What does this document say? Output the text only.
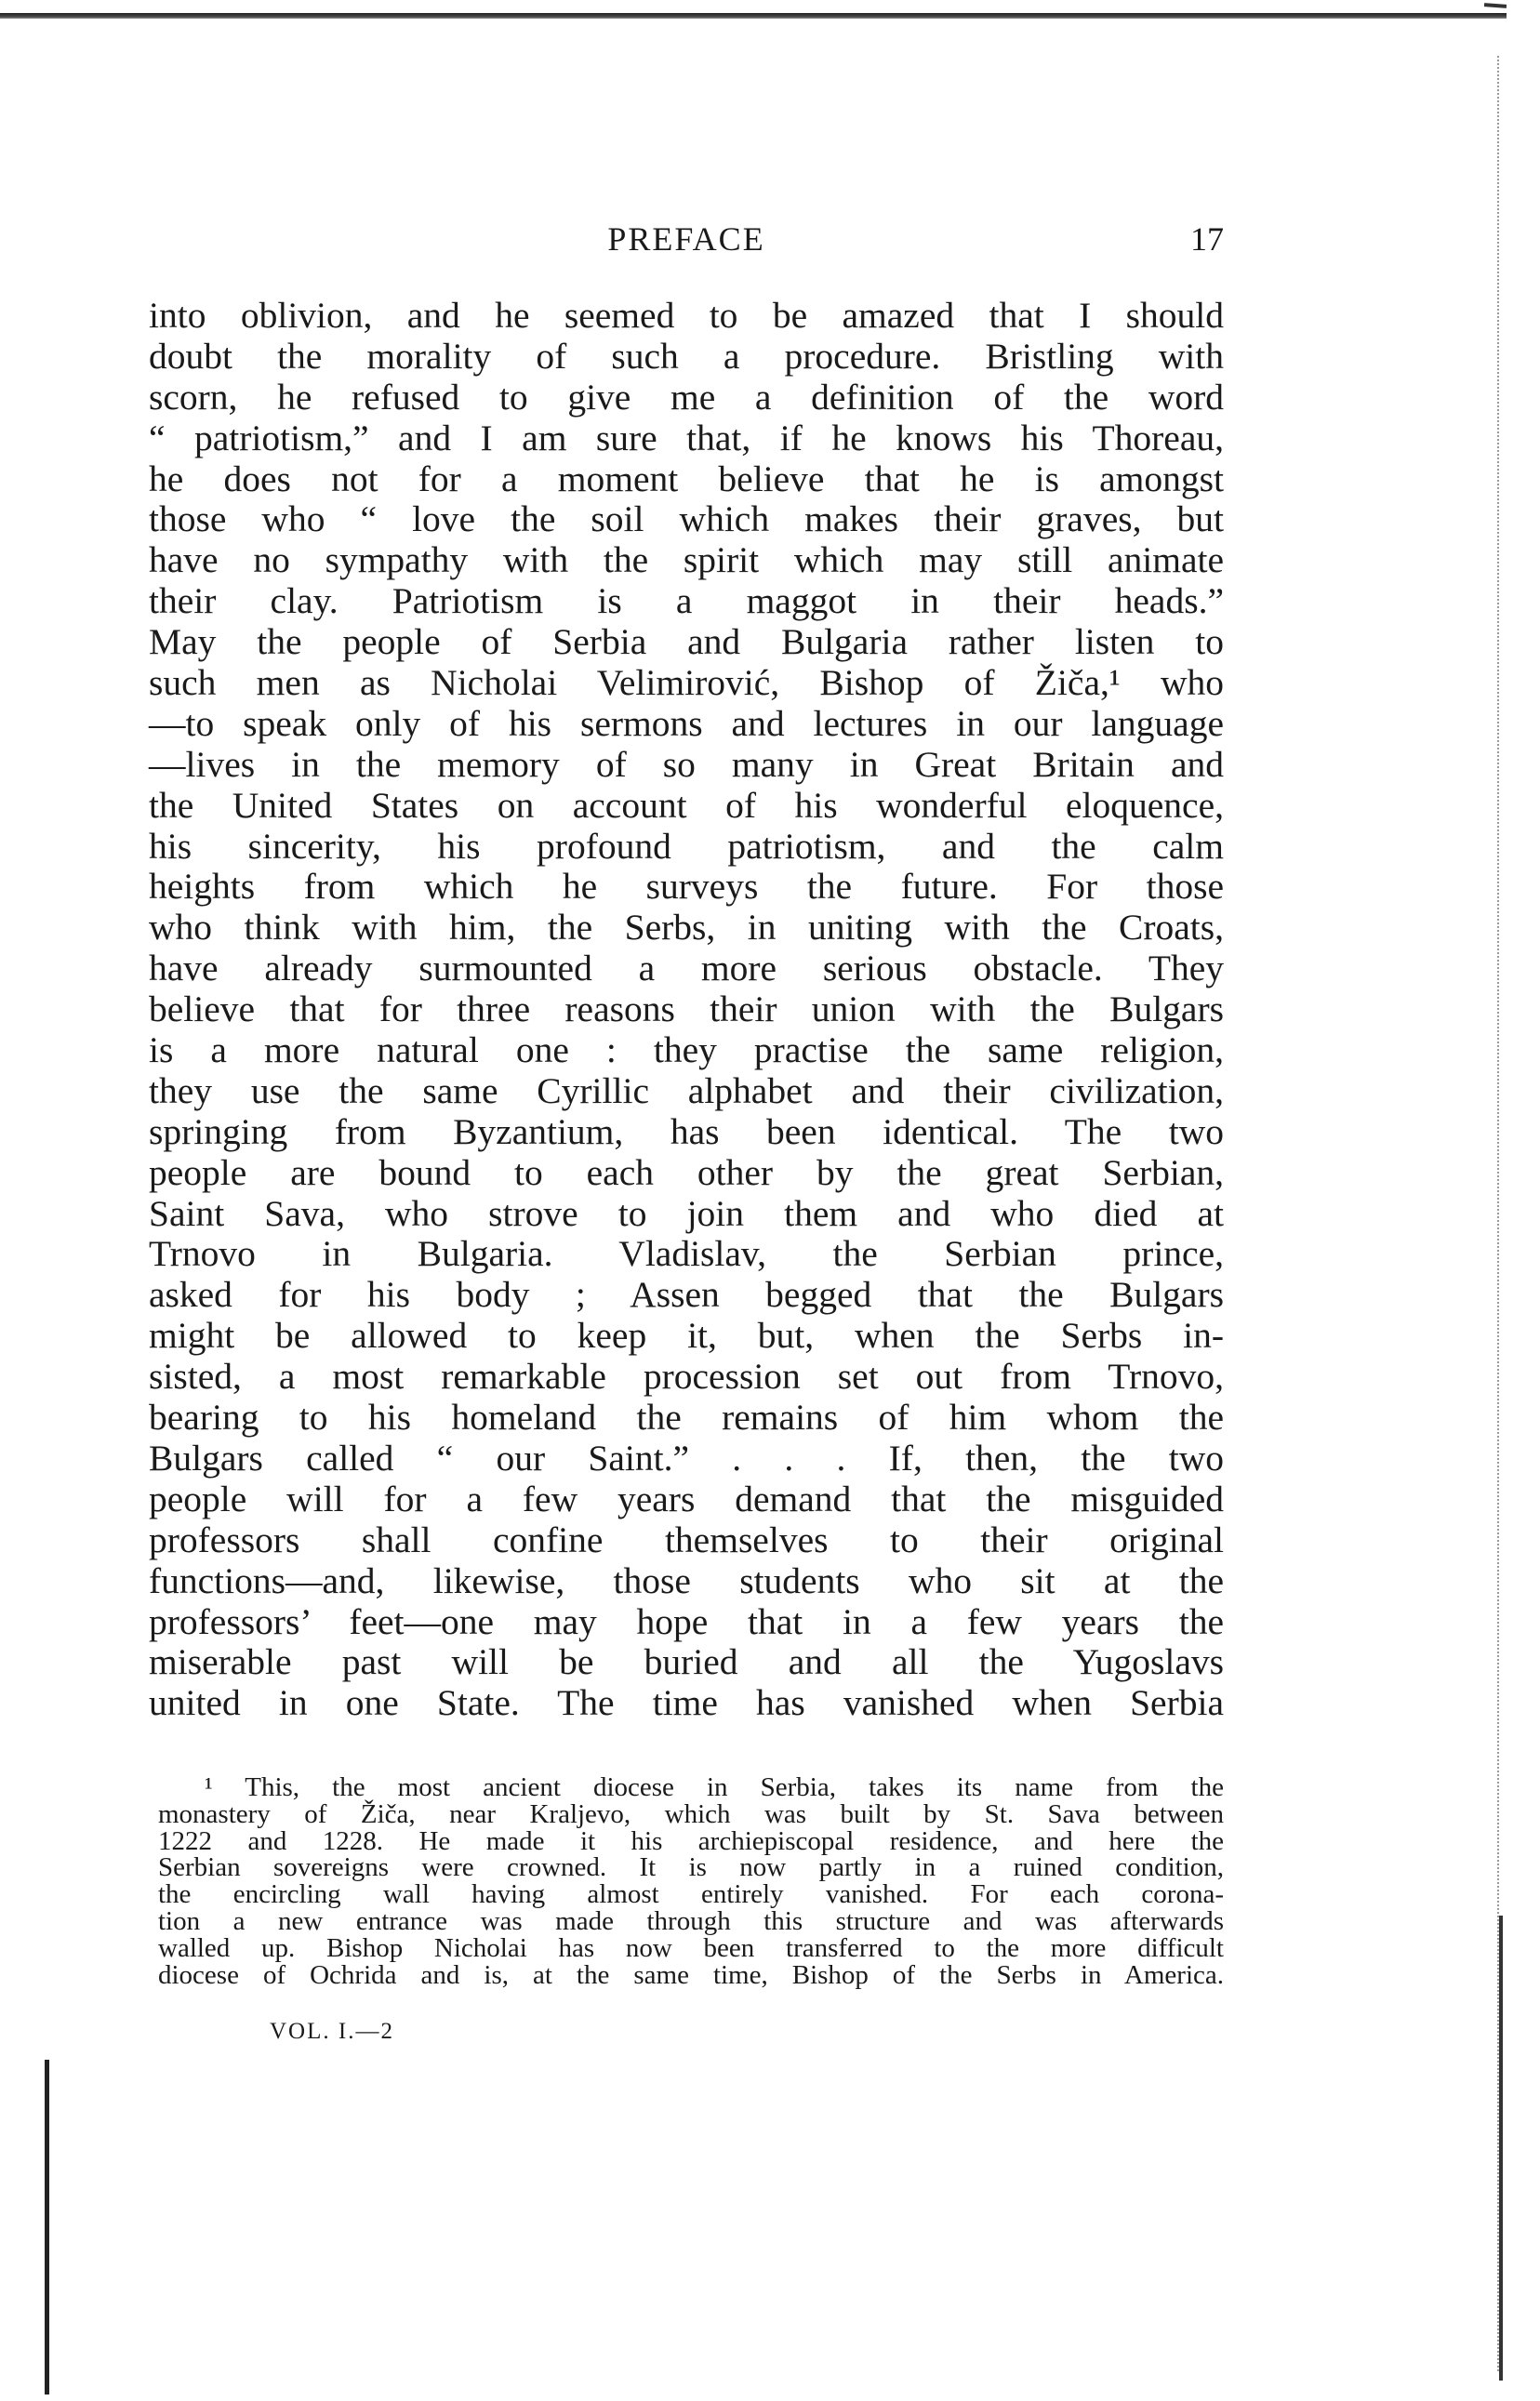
PREFACE	17
into oblivion, and he seemed to be amazed that I should
doubt the morality of such a procedure. Bristling with
scorn, he refused to give me a definition of the word
“ patriotism,” and I am sure that, if he knows his Thoreau,
he does not for a moment believe that he is amongst
those who “ love the soil which makes their graves, but
have no sympathy with the spirit which may still animate
their clay. Patriotism is a maggot in their heads.”
May the people of Serbia and Bulgaria rather listen to
such men as Nicholai Velimirović, Bishop of Žiča,¹ who
—to speak only of his sermons and lectures in our language
—lives in the memory of so many in Great Britain and
the United States on account of his wonderful eloquence,
his sincerity, his profound patriotism, and the calm
heights from which he surveys the future. For those
who think with him, the Serbs, in uniting with the Croats,
have already surmounted a more serious obstacle. They
believe that for three reasons their union with the Bulgars
is a more natural one : they practise the same religion,
they use the same Cyrillic alphabet and their civilization,
springing from Byzantium, has been identical. The two
people are bound to each other by the great Serbian,
Saint Sava, who strove to join them and who died at
Trnovo in Bulgaria. Vladislav, the Serbian prince,
asked for his body ; Assen begged that the Bulgars
might be allowed to keep it, but, when the Serbs in-
sisted, a most remarkable procession set out from Trnovo,
bearing to his homeland the remains of him whom the
Bulgars called “ our Saint.” . . . If, then, the two
people will for a few years demand that the misguided
professors shall confine themselves to their original
functions—and, likewise, those students who sit at the
professors’ feet—one may hope that in a few years the
miserable past will be buried and all the Yugoslavs
united in one State. The time has vanished when Serbia
¹ This, the most ancient diocese in Serbia, takes its name from the
monastery of Žiča, near Kraljevo, which was built by St. Sava between
1222 and 1228. He made it his archiepiscopal residence, and here the
Serbian sovereigns were crowned. It is now partly in a ruined condition,
the encircling wall having almost entirely vanished. For each corona-
tion a new entrance was made through this structure and was afterwards
walled up. Bishop Nicholai has now been transferred to the more difficult
diocese of Ochrida and is, at the same time, Bishop of the Serbs in America.
VOL. I.—2
